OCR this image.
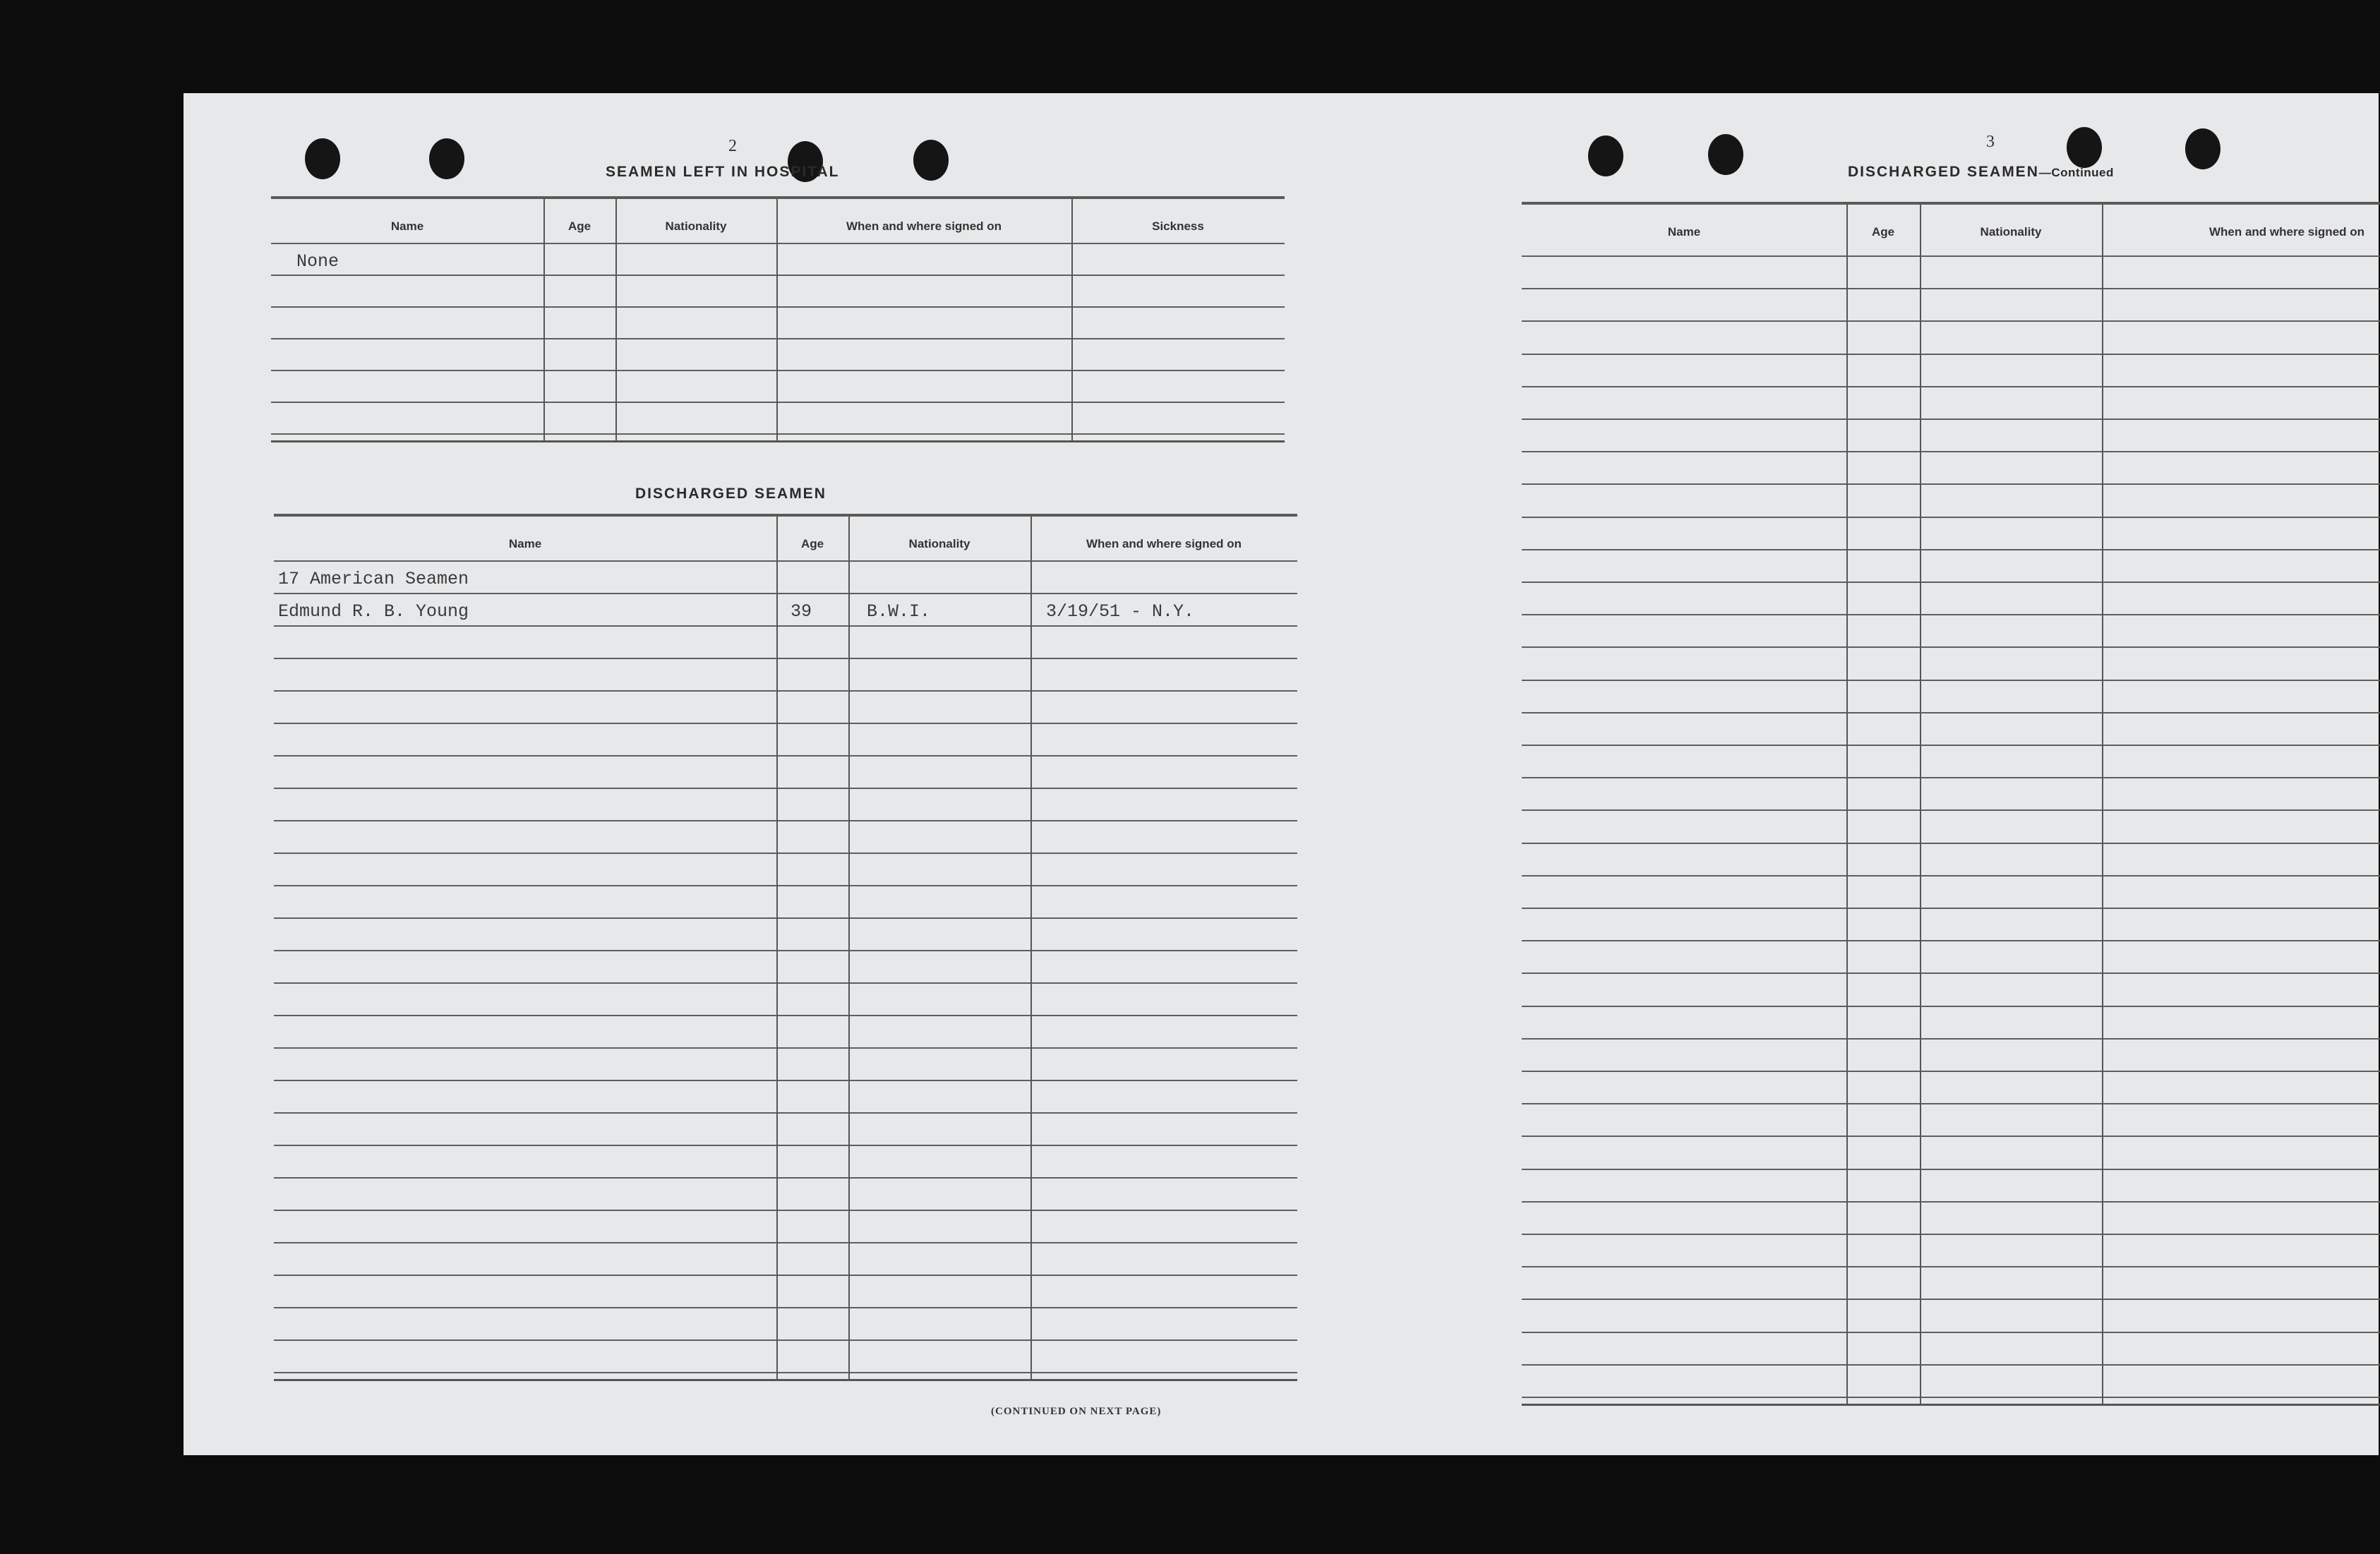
2
SEAMEN LEFT IN HOSPITAL
Name	Age	Nationality	When and where signed on	Sickness
None
DISCHARGED SEAMEN
Name	Age	Nationality	When and where signed on
17 American Seamen
Edmund R. B. Young	39	B.W.I.	3/19/51 - N.Y.
(CONTINUED ON NEXT PAGE)
3
DISCHARGED SEAMEN—Continued
Name	Age	Nationality	When and where signed on
